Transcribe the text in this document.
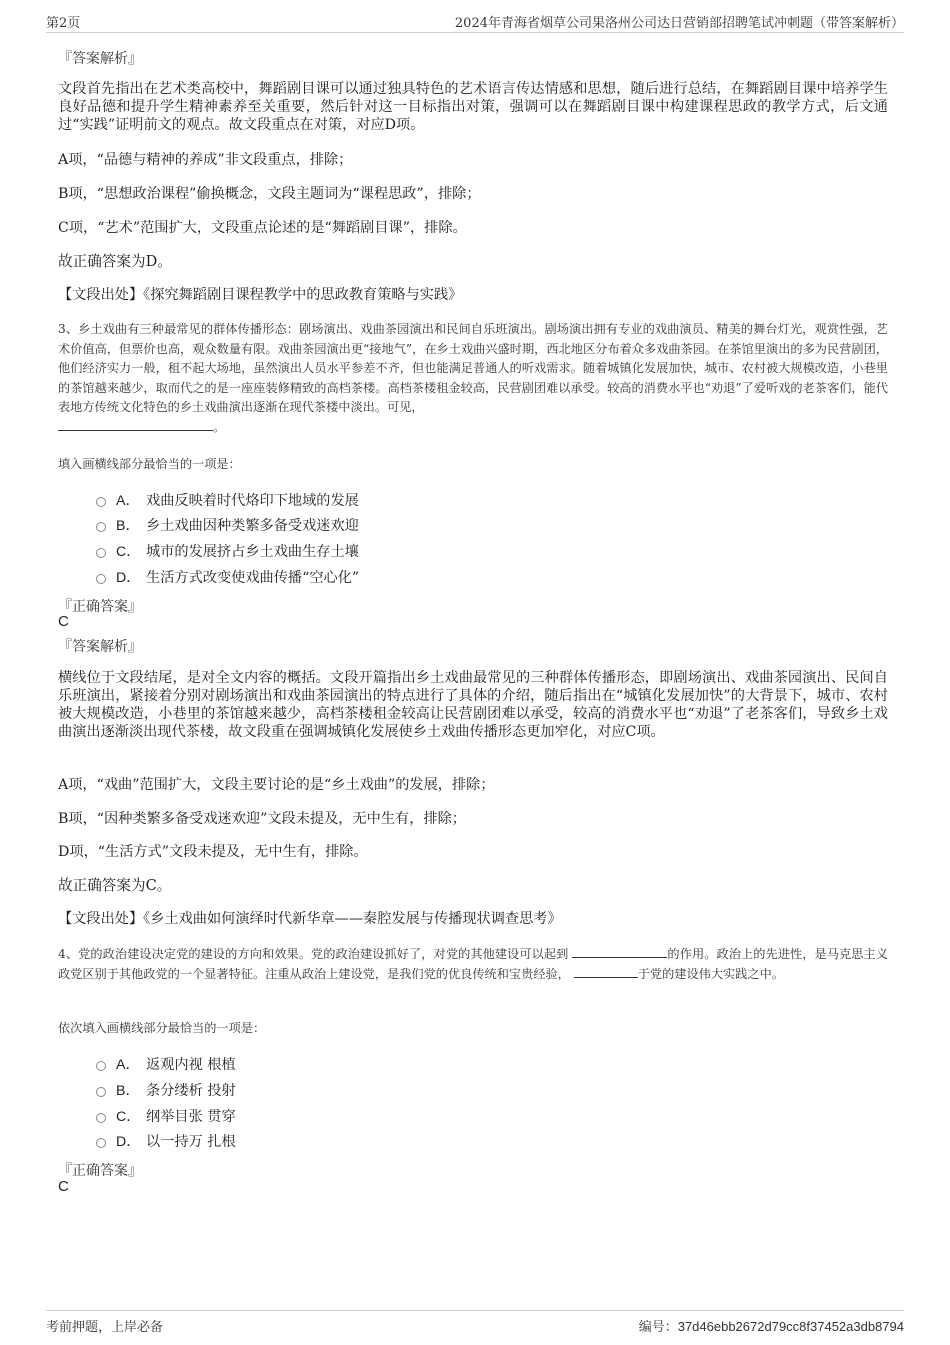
第2页	2024年青海省烟草公司果洛州公司达日营销部招聘笔试冲刺题（带答案解析）
『答案解析』
文段首先指出在艺术类高校中，舞蹈剧目课可以通过独具特色的艺术语言传达情感和思想，随后进行总结，在舞蹈剧目课中培养学生良好品德和提升学生精神素养至关重要，然后针对这一目标指出对策，强调可以在舞蹈剧目课中构建课程思政的教学方式，后文通过“实践”证明前文的观点。故文段重点在对策，对应D项。
A项，“品德与精神的养成”非文段重点，排除；
B项，“思想政治课程”偷换概念，文段主题词为“课程思政”，排除；
C项，“艺术”范围扩大，文段重点论述的是“舞蹈剧目课”，排除。
故正确答案为D。
【文段出处】《探究舞蹈剧目课程教学中的思政教育策略与实践》
3、乡土戏曲有三种最常见的群体传播形态：剧场演出、戏曲茶园演出和民间自乐班演出。剧场演出拥有专业的戏曲演员、精美的舞台灯光，观赏性强，艺术价值高，但票价也高，观众数量有限。戏曲茶园演出更“接地气”，在乡土戏曲兴盛时期，西北地区分布着众多戏曲茶园。在茶馆里演出的多为民营剧团，他们经济实力一般，租不起大场地，虽然演出人员水平参差不齐，但也能满足普通人的听戏需求。随着城镇化发展加快，城市、农村被大规模改造，小巷里的茶馆越来越少，取而代之的是一座座装修精致的高档茶楼。高档茶楼租金较高，民营剧团难以承受。较高的消费水平也“劝退”了爱听戏的老茶客们，能代表地方传统文化特色的乡土戏曲演出逐渐在现代茶楼中淡出。可见，
。
填入画横线部分最恰当的一项是：
A． 戏曲反映着时代烙印下地域的发展
B． 乡土戏曲因种类繁多备受戏迷欢迎
C． 城市的发展挤占乡土戏曲生存土壤
D． 生活方式改变使戏曲传播“空心化”
『正确答案』
C
『答案解析』
横线位于文段结尾，是对全文内容的概括。文段开篇指出乡土戏曲最常见的三种群体传播形态，即剧场演出、戏曲茶园演出、民间自乐班演出，紧接着分别对剧场演出和戏曲茶园演出的特点进行了具体的介绍，随后指出在“城镇化发展加快”的大背景下，城市、农村被大规模改造，小巷里的茶馆越来越少，高档茶楼租金较高让民营剧团难以承受，较高的消费水平也“劝退”了老茶客们，导致乡土戏曲演出逐渐淡出现代茶楼，故文段重在强调城镇化发展使乡土戏曲传播形态更加窄化，对应C项。
A项，“戏曲”范围扩大，文段主要讨论的是“乡土戏曲”的发展，排除；
B项，“因种类繁多备受戏迷欢迎”文段未提及，无中生有，排除；
D项，“生活方式”文段未提及，无中生有，排除。
故正确答案为C。
【文段出处】《乡土戏曲如何演绎时代新华章——秦腔发展与传播现状调查思考》
4、党的政治建设决定党的建设的方向和效果。党的政治建设抓好了，对党的其他建设可以起到	的作用。政治上的先进性，是马克思主义政党区别于其他政党的一个显著特征。注重从政治上建设党，是我们党的优良传统和宝贵经验，	于党的建设伟大实践之中。
依次填入画横线部分最恰当的一项是：
A． 返观内视 根植
B． 条分缕析 投射
C． 纲举目张 贯穿
D． 以一持万 扎根
『正确答案』
C
考前押题，上岸必备	编号：37d46ebb2672d79cc8f37452a3db8794
